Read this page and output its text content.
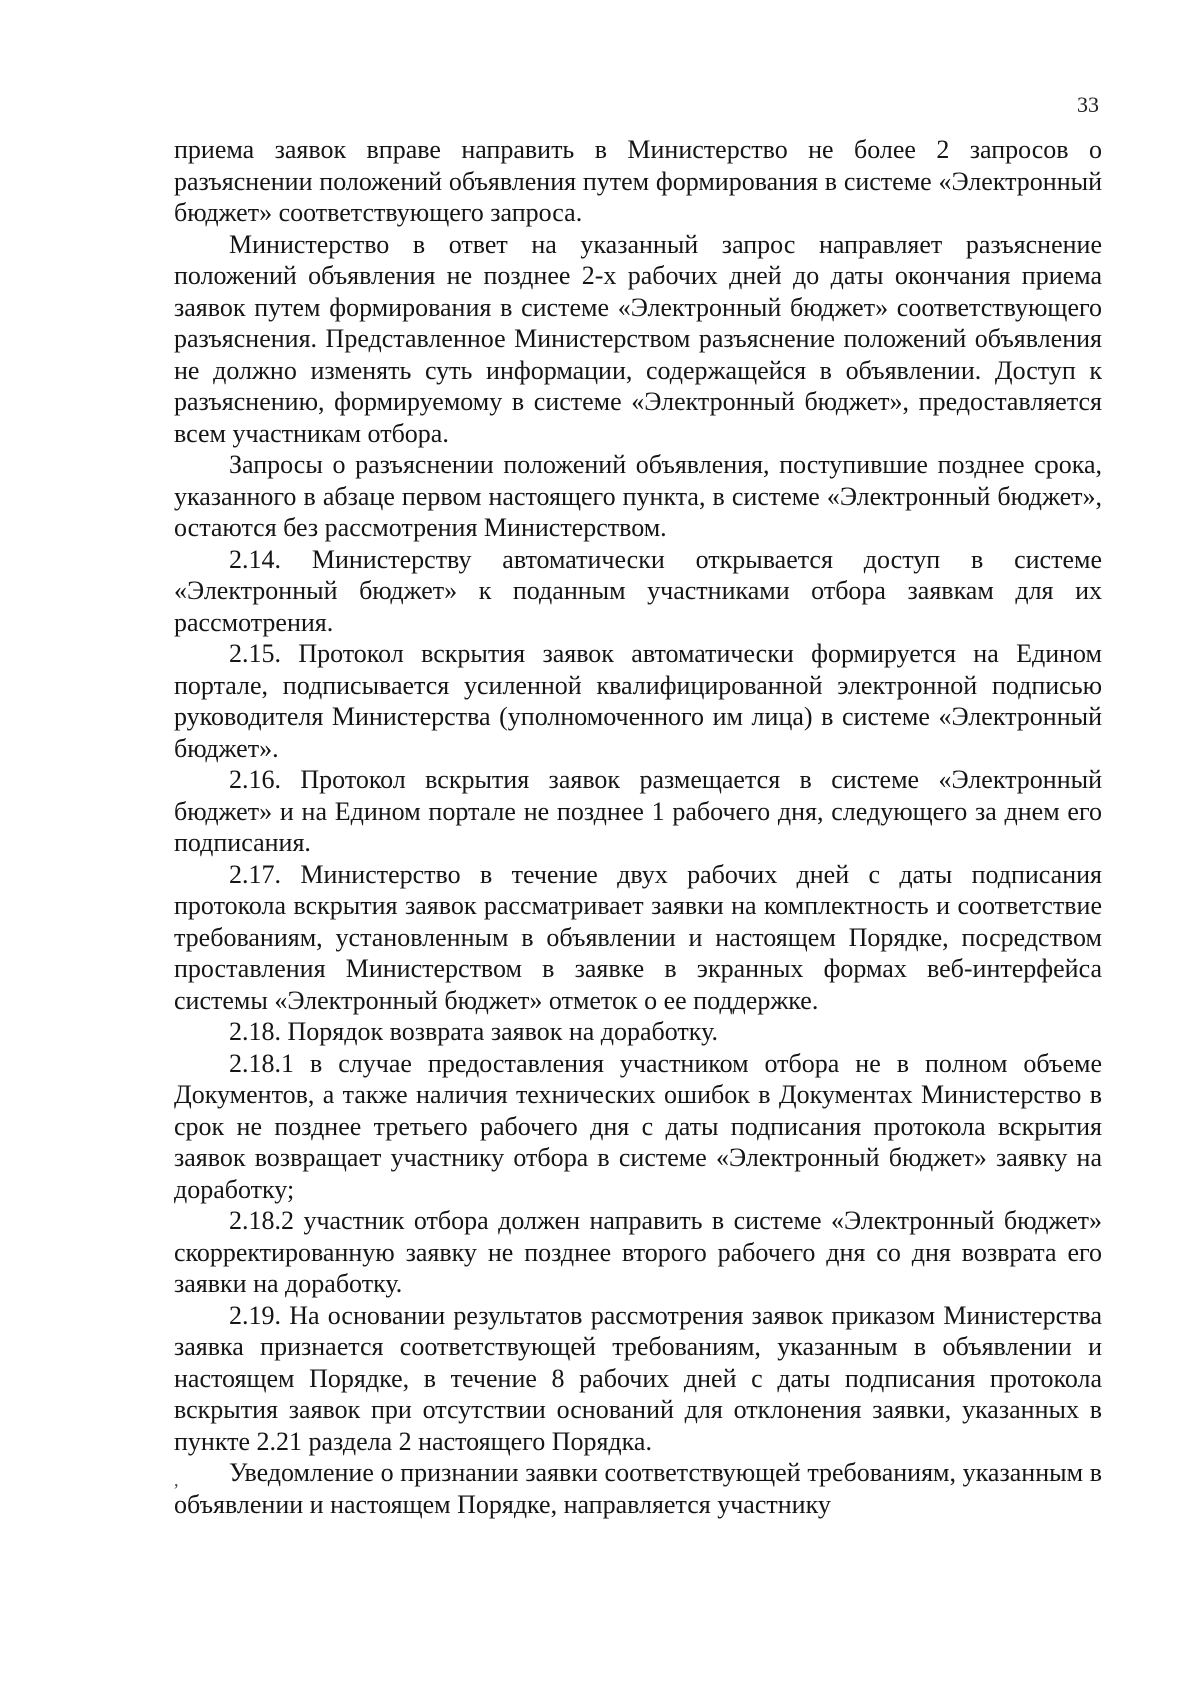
33
,

приема заявок вправе направить в Министерство не более 2 запросов о разъяснении положений объявления путем формирования в системе «Электронный бюджет» соответствующего запроса.

Министерство в ответ на указанный запрос направляет разъяснение положений объявления не позднее 2-х рабочих дней до даты окончания приема заявок путем формирования в системе «Электронный бюджет» соответствующего разъяснения. Представленное Министерством разъяснение положений объявления не должно изменять суть информации, содержащейся в объявлении. Доступ к разъяснению, формируемому в системе «Электронный бюджет», предоставляется всем участникам отбора.

Запросы о разъяснении положений объявления, поступившие позднее срока, указанного в абзаце первом настоящего пункта, в системе «Электронный бюджет», остаются без рассмотрения Министерством.

2.14. Министерству автоматически открывается доступ в системе «Электронный бюджет» к поданным участниками отбора заявкам для их рассмотрения.

2.15. Протокол вскрытия заявок автоматически формируется на Едином портале, подписывается усиленной квалифицированной электронной подписью руководителя Министерства (уполномоченного им лица) в системе «Электронный бюджет».

2.16. Протокол вскрытия заявок размещается в системе «Электронный бюджет» и на Едином портале не позднее 1 рабочего дня, следующего за днем его подписания.

2.17. Министерство в течение двух рабочих дней с даты подписания протокола вскрытия заявок рассматривает заявки на комплектность и соответствие требованиям, установленным в объявлении и настоящем Порядке, посредством проставления Министерством в заявке в экранных формах веб-интерфейса системы «Электронный бюджет» отметок о ее поддержке.

2.18. Порядок возврата заявок на доработку.

2.18.1 в случае предоставления участником отбора не в полном объеме Документов, а также наличия технических ошибок в Документах Министерство в срок не позднее третьего рабочего дня с даты подписания протокола вскрытия заявок возвращает участнику отбора в системе «Электронный бюджет» заявку на доработку;

2.18.2 участник отбора должен направить в системе «Электронный бюджет» скорректированную заявку не позднее второго рабочего дня со дня возврата его заявки на доработку.

2.19. На основании результатов рассмотрения заявок приказом Министерства заявка признается соответствующей требованиям, указанным в объявлении и настоящем Порядке, в течение 8 рабочих дней с даты подписания протокола вскрытия заявок при отсутствии оснований для отклонения заявки, указанных в пункте 2.21 раздела 2 настоящего Порядка.

Уведомление о признании заявки соответствующей требованиям, указанным в объявлении и настоящем Порядке, направляется участнику
